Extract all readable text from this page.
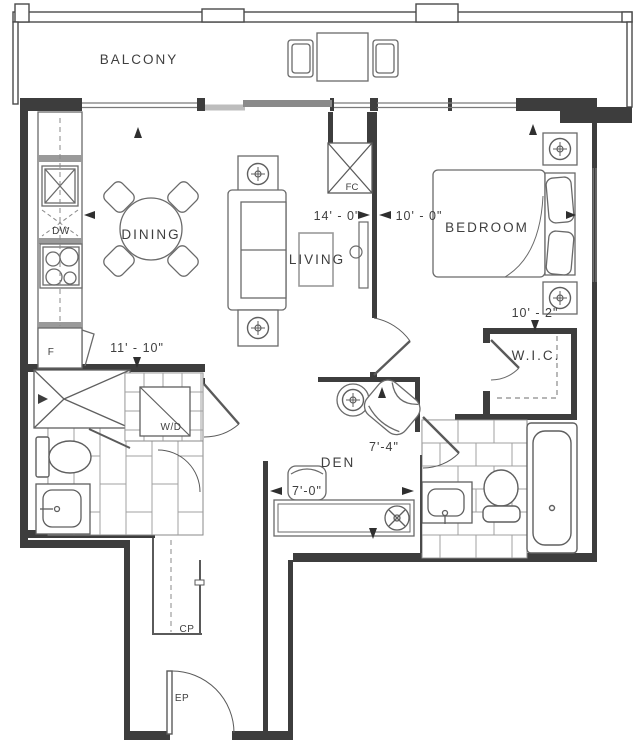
BALCONY
DINING
LIVING
BEDROOM
W.I.C.
DEN
FC
DW
F
W/D
CP
EP
14' - 0"	10' - 0"
11' - 10"
10' - 2"
7'-4"
7'-0"
